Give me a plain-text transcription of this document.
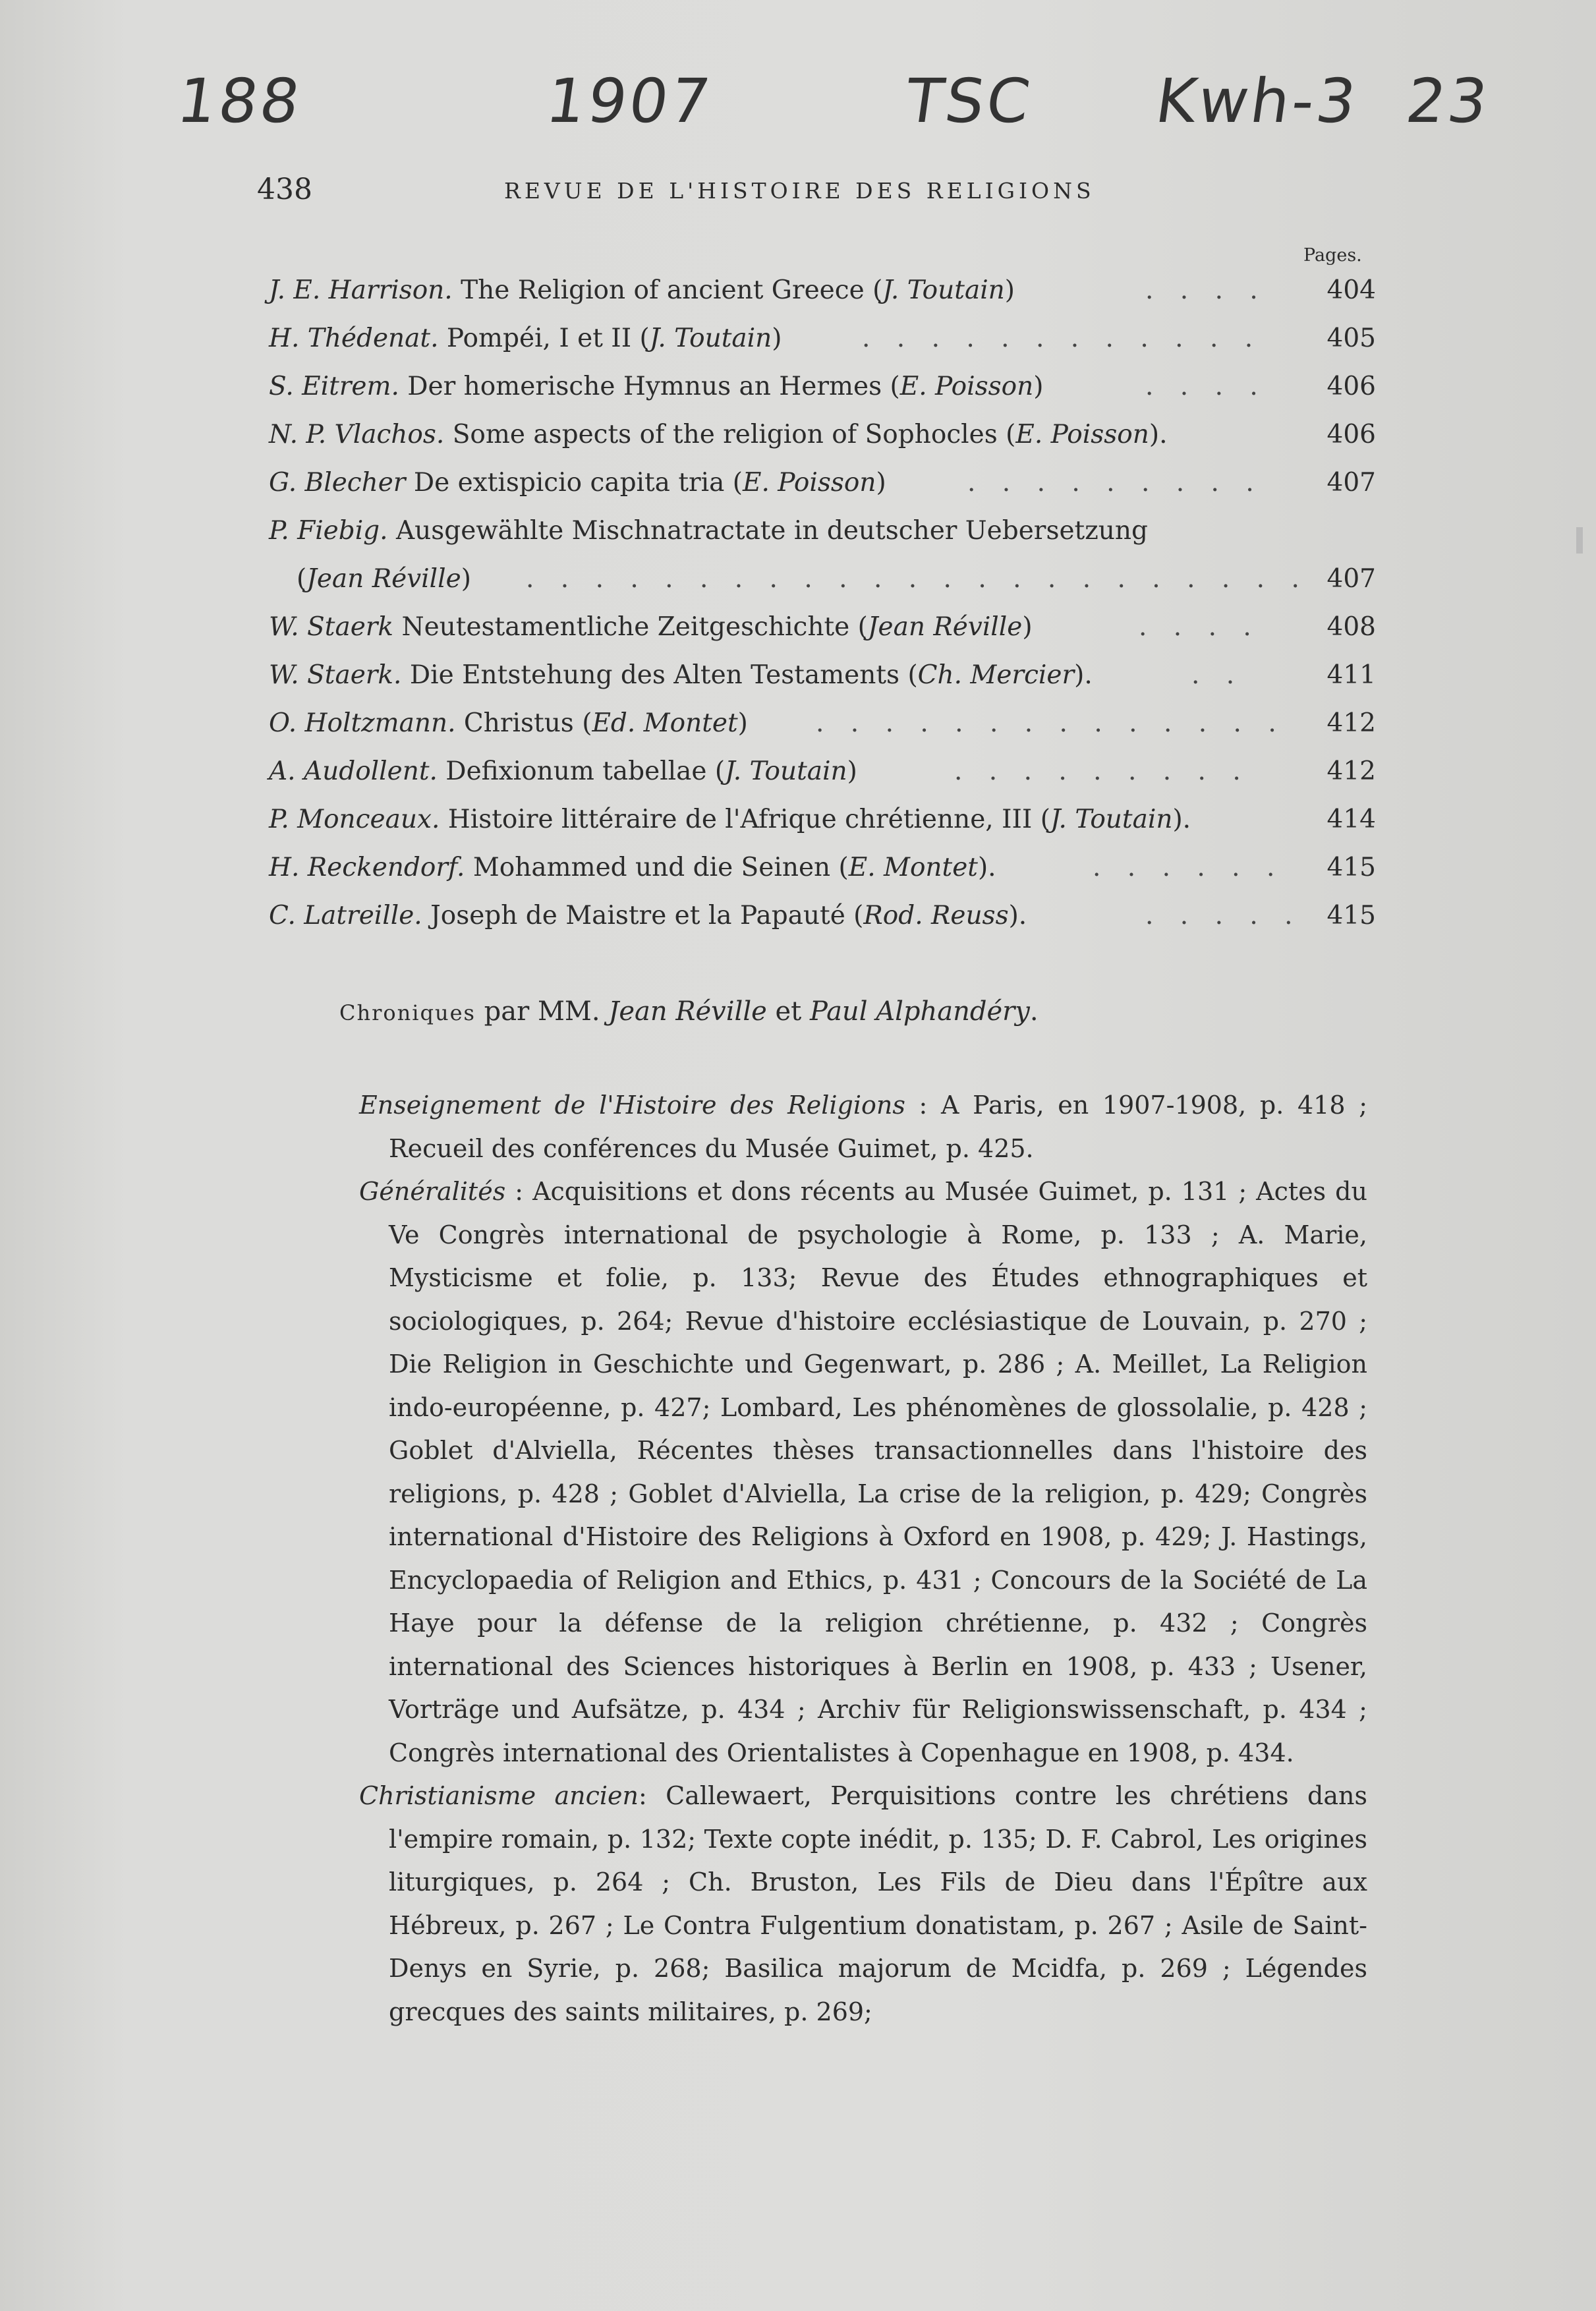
188	1907	TSC Kwh-3 23
438	REVUE DE L'HISTOIRE DES RELIGIONS
Pages.
J. E. Harrison. The Religion of ancient Greece (J. Toutain)	. . . . 404
H. Thédenat. Pompéi, I et II (J. Toutain)	. . . . . . . . . . . .	405
S. Eitrem. Der homerische Hymnus an Hermes (E. Poisson)	. . . . 406
N. P. Vlachos. Some aspects of the religion of Sophocles (E. Poisson).	406
G. Blecher De extispicio capita tria (E. Poisson)	. . . . . . . . . 407
P. Fiebig. Ausgewählte Mischnatractate in deutscher Uebersetzung
(Jean Réville) . . . . . . . . . . . . . . . . . . . . . . . 407
W. Staerk Neutestamentliche Zeitgeschichte (Jean Réville)	. . . .	408
W. Staerk. Die Entstehung des Alten Testaments (Ch. Mercier).	. .	411
O. Holtzmann. Christus (Ed. Montet)	. . . . . . . . . . . . . . 412
A. Audollent. Defixionum tabellae (J. Toutain)	. . . . . . . . .	412
P. Monceaux. Histoire littéraire de l'Afrique chrétienne, III (J. Toutain).	414
H. Reckendorf. Mohammed und die Seinen (E. Montet).	. . . . . . 415
C. Latreille. Joseph de Maistre et la Papauté (Rod. Reuss).	. . . . . 415
Chroniques par MM. Jean Réville et Paul Alphandéry.

Enseignement de l'Histoire des Religions : A Paris, en 1907-1908, p. 418 ; Recueil des conférences du Musée Guimet, p. 425.

Généralités : Acquisitions et dons récents au Musée Guimet, p. 131 ; Actes du Ve Congrès international de psychologie à Rome, p. 133 ; A. Marie, Mysticisme et folie, p. 133; Revue des Études ethnographiques et sociologiques, p. 264; Revue d'histoire ecclésiastique de Louvain, p. 270 ; Die Religion in Geschichte und Gegenwart, p. 286 ; A. Meillet, La Religion indo-européenne, p. 427; Lombard, Les phénomènes de glossolalie, p. 428 ; Goblet d'Alviella, Récentes thèses transactionnelles dans l'histoire des religions, p. 428 ; Goblet d'Alviella, La crise de la religion, p. 429; Congrès international d'Histoire des Religions à Oxford en 1908, p. 429; J. Hastings, Encyclopaedia of Religion and Ethics, p. 431 ; Concours de la Société de La Haye pour la défense de la religion chrétienne, p. 432 ; Congrès international des Sciences historiques à Berlin en 1908, p. 433 ; Usener, Vorträge und Aufsätze, p. 434 ; Archiv für Religionswissenschaft, p. 434 ; Congrès international des Orientalistes à Copenhague en 1908, p. 434.

Christianisme ancien: Callewaert, Perquisitions contre les chrétiens dans l'empire romain, p. 132; Texte copte inédit, p. 135; D. F. Cabrol, Les origines liturgiques, p. 264 ; Ch. Bruston, Les Fils de Dieu dans l'Épître aux Hébreux, p. 267 ; Le Contra Fulgentium donatistam, p. 267 ; Asile de Saint-Denys en Syrie, p. 268; Basilica majorum de Mcidfa, p. 269 ; Légendes grecques des saints militaires, p. 269;
